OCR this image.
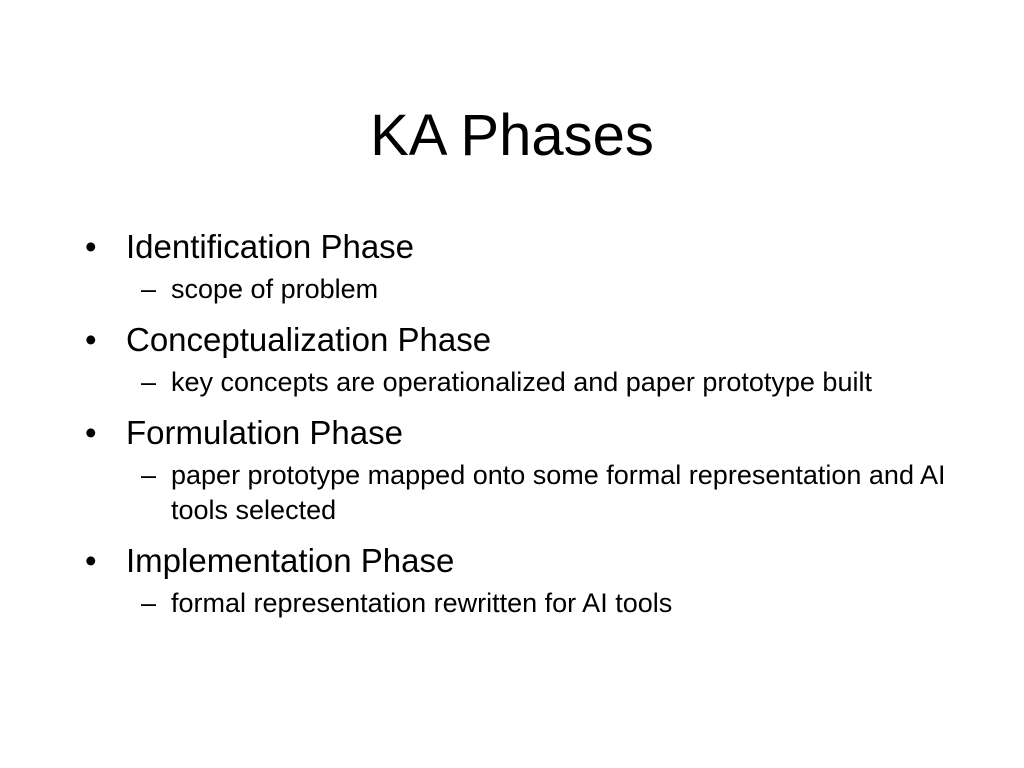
KA Phases
• Identification Phase
– scope of problem
• Conceptualization Phase
– key concepts are operationalized and paper prototype built
• Formulation Phase
– paper prototype mapped onto some formal representation and AI tools selected
• Implementation Phase
– formal representation rewritten for AI tools
